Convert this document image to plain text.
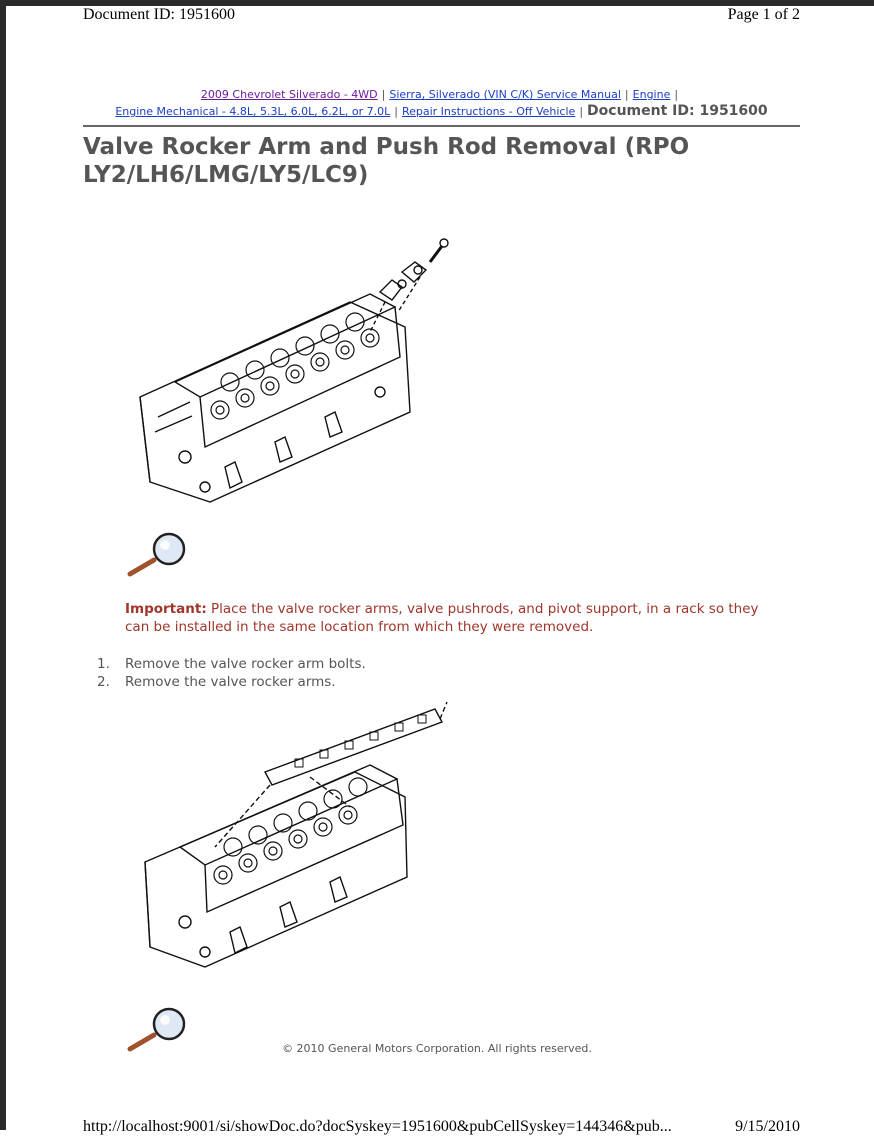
Document ID: 1951600	Page 1 of 2
2009 Chevrolet Silverado - 4WD | Sierra, Silverado (VIN C/K) Service Manual | Engine |
Engine Mechanical - 4.8L, 5.3L, 6.0L, 6.2L, or 7.0L | Repair Instructions - Off Vehicle | Document ID: 1951600
Valve Rocker Arm and Push Rod Removal (RPO LY2/LH6/LMG/LY5/LC9)
Important: Place the valve rocker arms, valve pushrods, and pivot support, in a rack so they can be installed in the same location from which they were removed.
1.	Remove the valve rocker arm bolts.
2.	Remove the valve rocker arms.
© 2010 General Motors Corporation. All rights reserved.
http://localhost:9001/si/showDoc.do?docSyskey=1951600&pubCellSyskey=144346&pub...	9/15/2010
